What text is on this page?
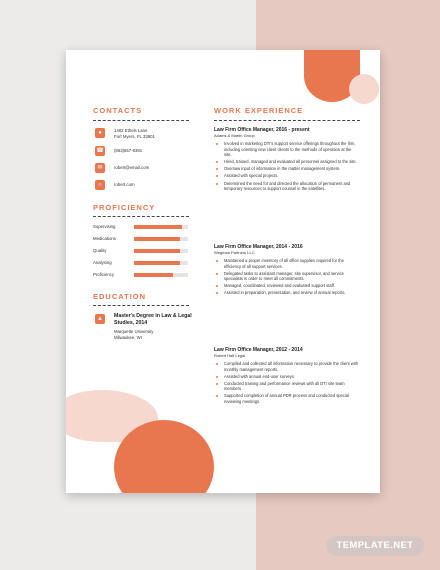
CONTACTS
●	1482 Ethels Lane
Fort Myers, FL 33901
☎ (863)657-8391
✉	robert@email.com
○	robert.com
PROFICIENCY
Supervising
Medications
Quality
Analysing
Proficiency
EDUCATION
▲	Master's Degree in Law & Legal Studies, 2014
Marquette University
Milwaukee, WI
WORK EXPERIENCE
Law Firm Office Manager, 2016 - present
Adams & Martin Group
Involved in marketing DTI's support service offerings throughout the firm, including orienting new client clients to the methods of operation at the site.
Hired, trained, managed and evaluated all personnel assigned to the site.
Oversaw input of information in the matter management system.
Assisted with special projects.
Determined the need for and directed the allocation of permanent and temporary resources to support counsel in the satellites.
Law Firm Office Manager, 2014 - 2016
Wegman Partners LLC
Maintained a proper inventory of all office supplies required for the efficiency of all support services.
Delegated tasks to assistant manager, site supervisor, and service specialists in order to meet all commitments.
Managed, coordinated, reviewed and evaluated support staff.
Assisted in preparation, presentation, and review of annual reports.
Law Firm Office Manager, 2012 - 2014
Robert Half Legal
Compiled and collected all information necessary to provide the client with monthly management reports.
Assisted with annual end-user surveys.
Conducted training and performance reviews with all DTI site team members.
Supported completion of annual PDR process and conducted special reviewing meetings.
TEMPLATE.NET
